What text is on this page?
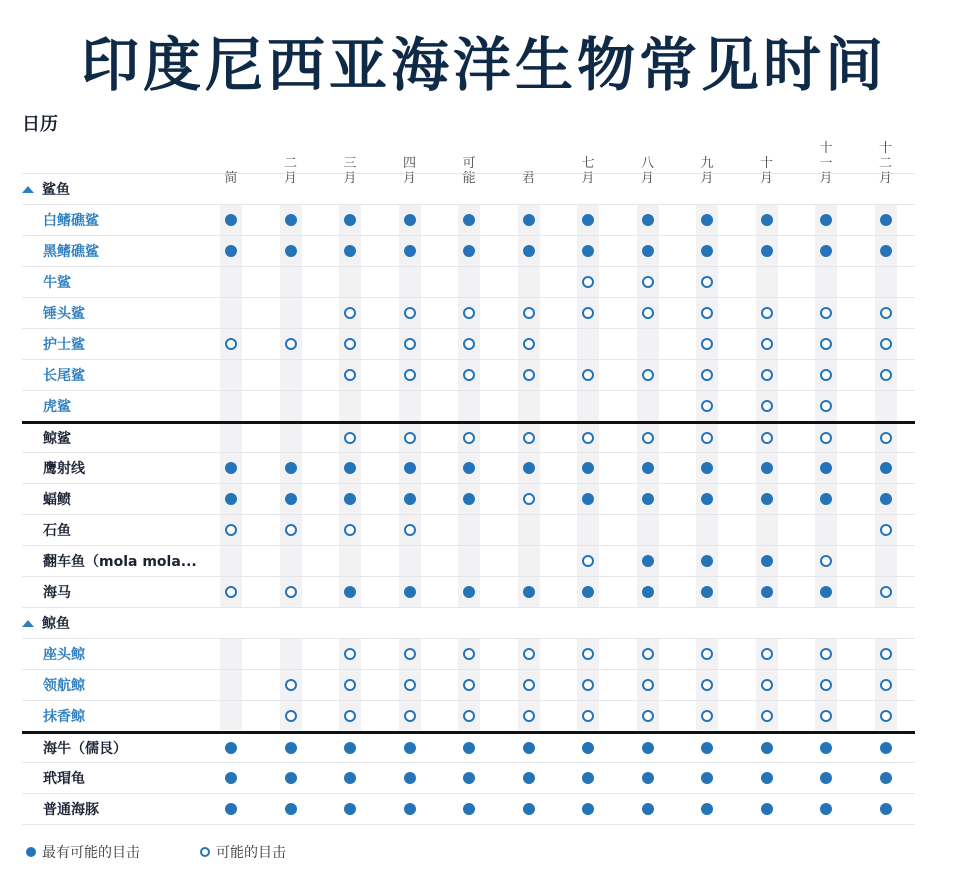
印度尼西亚海洋生物常见时间
日历
简
二
月
三
月
四
月
可
能	君
七
月
八
月
九
月
十
月
十
一
月
十
二
月
鲨鱼
白鳍礁鲨
黑鳍礁鲨
牛鲨
锤头鲨
护士鲨
长尾鲨
虎鲨
鲸鲨
鹰射线
蝠鲼
石鱼
翻车鱼（mola mola...
海马
鲸鱼
座头鲸
领航鲸
抹香鲸
海牛（儒艮）
玳瑁龟
普通海豚
最有可能的目击	可能的目击
